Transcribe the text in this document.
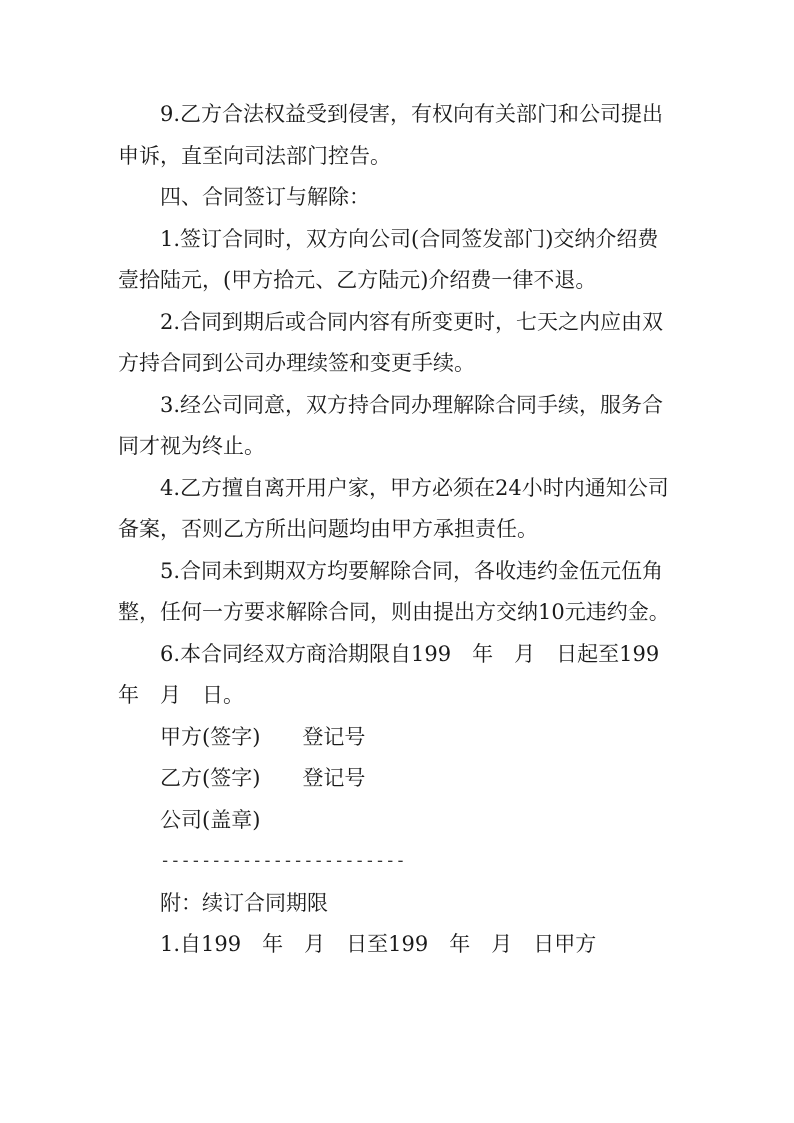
9.乙方合法权益受到侵害，有权向有关部门和公司提出申诉，直至向司法部门控告。

四、合同签订与解除：

1.签订合同时，双方向公司(合同签发部门)交纳介绍费壹拾陆元，(甲方拾元、乙方陆元)介绍费一律不退。

2.合同到期后或合同内容有所变更时，七天之内应由双方持合同到公司办理续签和变更手续。

3.经公司同意，双方持合同办理解除合同手续，服务合同才视为终止。

4.乙方擅自离开用户家，甲方必须在24小时内通知公司备案，否则乙方所出问题均由甲方承担责任。

5.合同未到期双方均要解除合同，各收违约金伍元伍角整，任何一方要求解除合同，则由提出方交纳10元违约金。

6.本合同经双方商洽期限自199　年　月　日起至199　年　月　日。

甲方(签字)　　登记号

乙方(签字)　　登记号

公司(盖章)

------------------------

附：续订合同期限

1.自199　年　月　日至199　年　月　日甲方
